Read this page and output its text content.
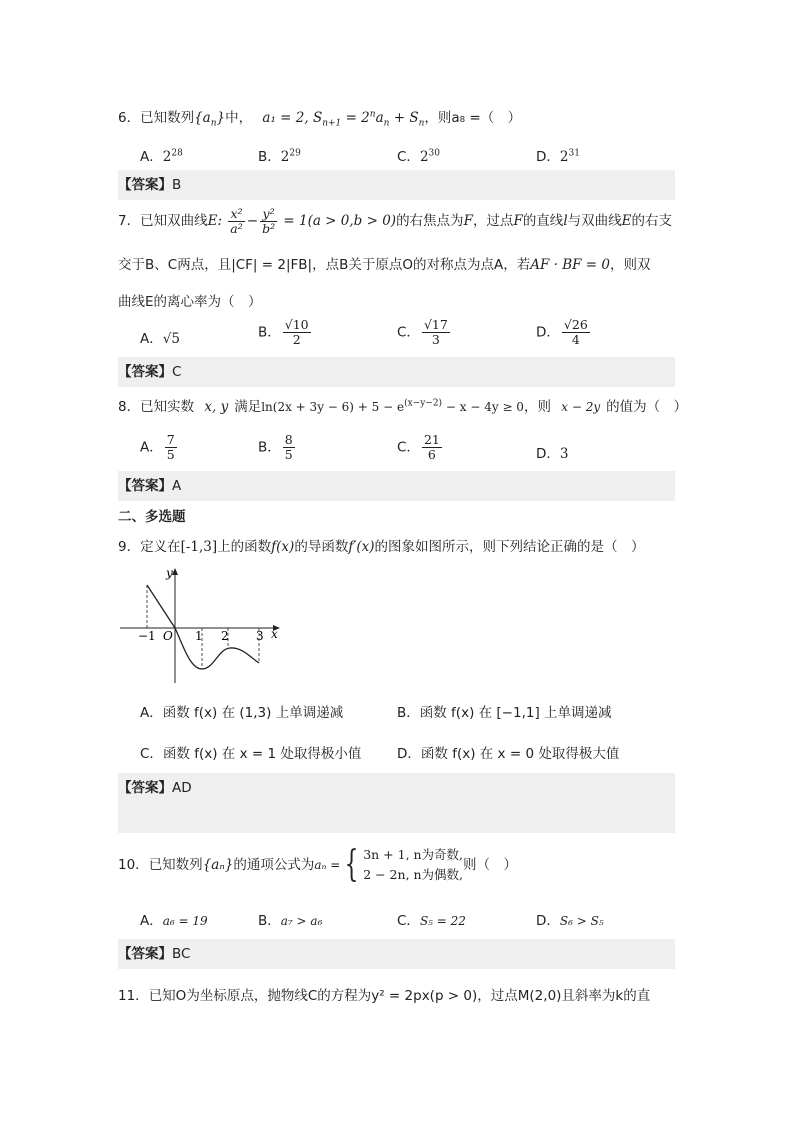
6．已知数列$\{a_n\}$中， a₁ = 2, $S_{n+1} = 2^na_n + S_n$，则a₈ =（　）
A．$2^{28}$	B．$2^{29}$	C．$2^{30}$	D．$2^{31}$
【答案】B
7．已知双曲线E: $\frac{\text{x²}}{\text{a²}} - \frac{\text{y²}}{\text{b²}} = 1(a > 0,b > 0)$的右焦点为F，过点F的直线l与双曲线E的右支
交于B、C两点，且|CF| = 2|FB|，点B关于原点O的对称点为点A，若AF · BF = 0，则双
曲线E的离心率为（　）
A．√5	B． $\frac{√10}{2}$	C． $\frac{√17}{3}$	D． $\frac{√26}{4}$
【答案】C
8．已知实数 x, y 满足$\ln(2x + 3y - 6) + 5 - e^{(x-y-2)} - x - 4y \ge 0$，则 x − 2y 的值为（　）
A． $\frac{7}{5}$	B． $\frac{8}{5}$	C． $\frac{21}{6}$	D．3
【答案】A
二、多选题
9．定义在[-1,3]上的函数f(x)的导函数f′(x)的图象如图所示，则下列结论正确的是（　）
y
x
O
−1	1 2 3
A．函数 f(x) 在 (1,3) 上单调递减	B．函数 f(x) 在 [−1,1] 上单调递减
C．函数 f(x) 在 x = 1 处取得极小值	D．函数 f(x) 在 x = 0 处取得极大值
【答案】AD
10．已知数列{aₙ}的通项公式为aₙ = { 3n + 1, n为奇数,
2 − 2n, n为偶数,
则（　）
A．a₆ = 19	B．a₇ > a₆	C．S₅ = 22	D．S₆ > S₅
【答案】BC
11．已知O为坐标原点，抛物线C的方程为y² = 2px(p > 0)，过点M(2,0)且斜率为k的直
